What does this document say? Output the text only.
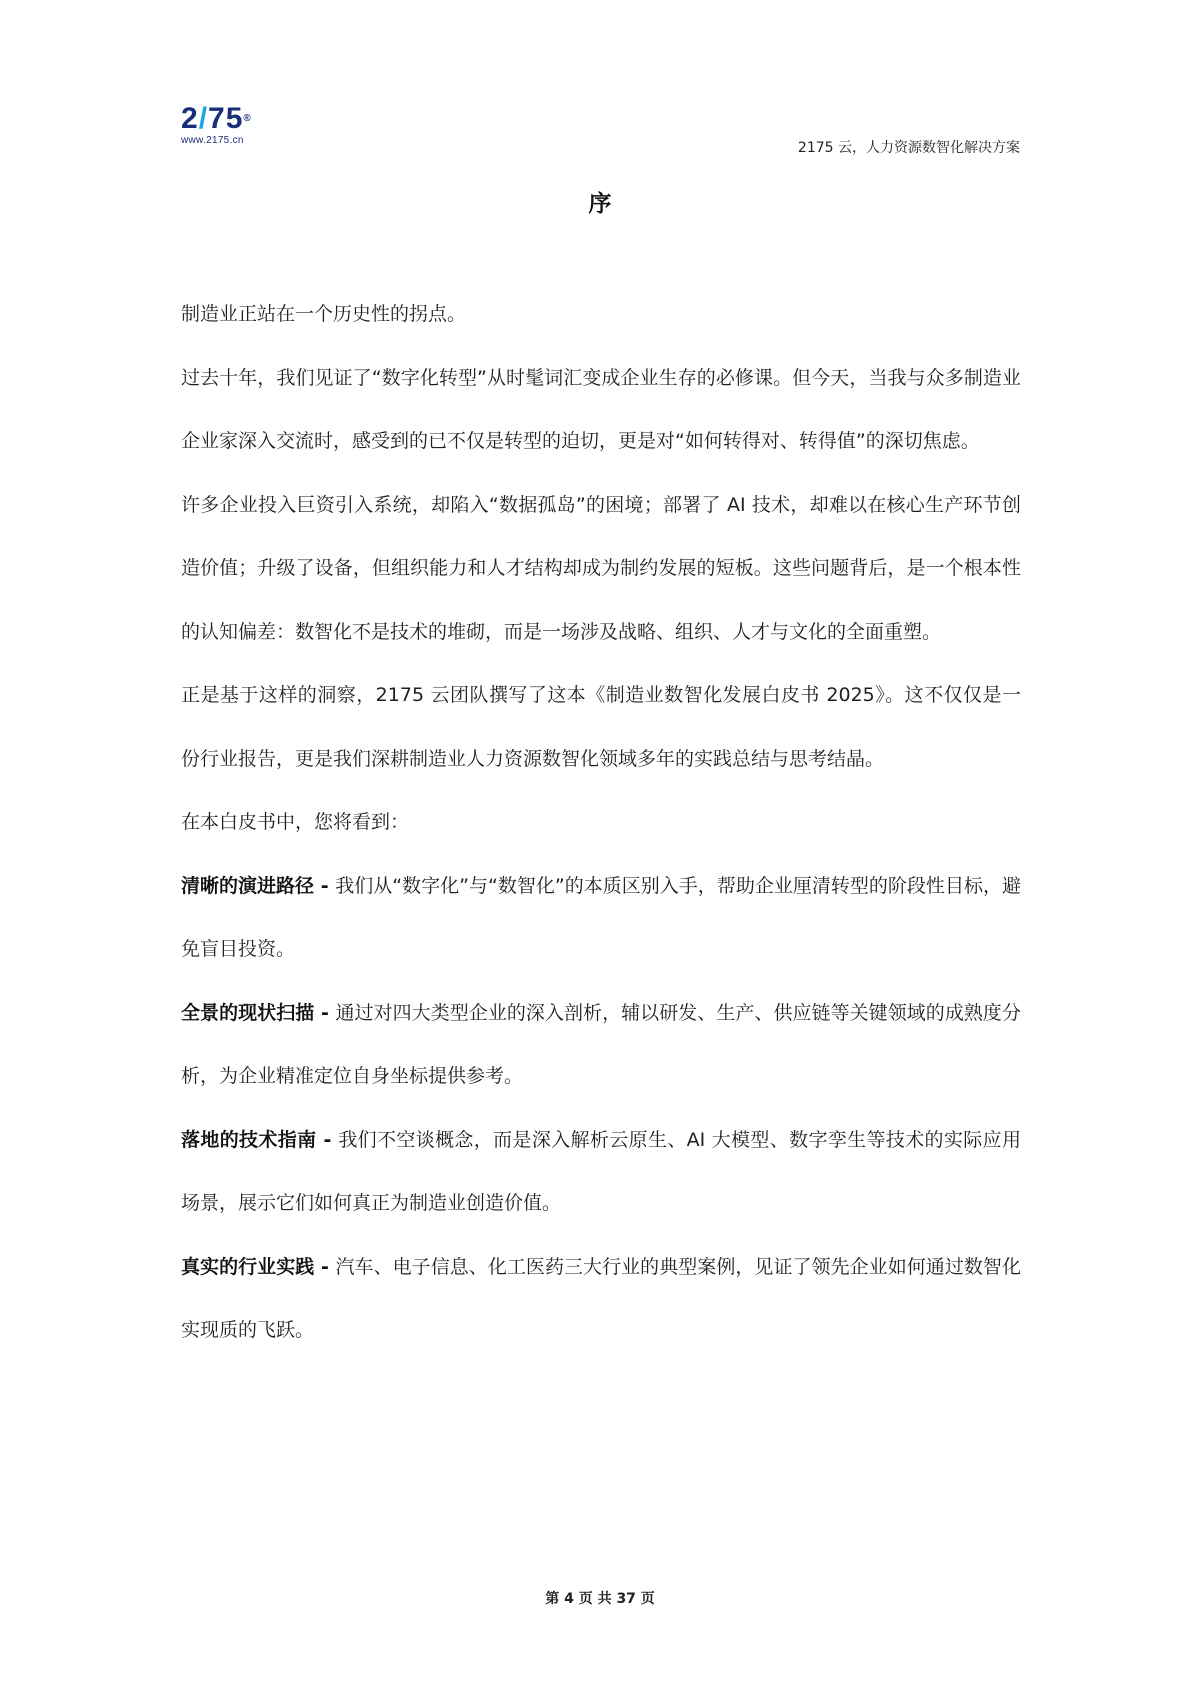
2/75®
www.2175.cn	2175 云，人力资源数智化解决方案
序

制造业正站在一个历史性的拐点。

过去十年，我们见证了“数字化转型”从时髦词汇变成企业生存的必修课。但今天，当我与众多制造业企业家深入交流时，感受到的已不仅是转型的迫切，更是对“如何转得对、转得值”的深切焦虑。

许多企业投入巨资引入系统，却陷入“数据孤岛”的困境；部署了 AI 技术，却难以在核心生产环节创造价值；升级了设备，但组织能力和人才结构却成为制约发展的短板。这些问题背后，是一个根本性的认知偏差：数智化不是技术的堆砌，而是一场涉及战略、组织、人才与文化的全面重塑。

正是基于这样的洞察，2175 云团队撰写了这本《制造业数智化发展白皮书 2025》。这不仅仅是一份行业报告，更是我们深耕制造业人力资源数智化领域多年的实践总结与思考结晶。

在本白皮书中，您将看到：

清晰的演进路径 - 我们从“数字化”与“数智化”的本质区别入手，帮助企业厘清转型的阶段性目标，避免盲目投资。

全景的现状扫描 - 通过对四大类型企业的深入剖析，辅以研发、生产、供应链等关键领域的成熟度分析，为企业精准定位自身坐标提供参考。

落地的技术指南 - 我们不空谈概念，而是深入解析云原生、AI 大模型、数字孪生等技术的实际应用场景，展示它们如何真正为制造业创造价值。

真实的行业实践 - 汽车、电子信息、化工医药三大行业的典型案例，见证了领先企业如何通过数智化实现质的飞跃。

第 4 页 共 37 页
